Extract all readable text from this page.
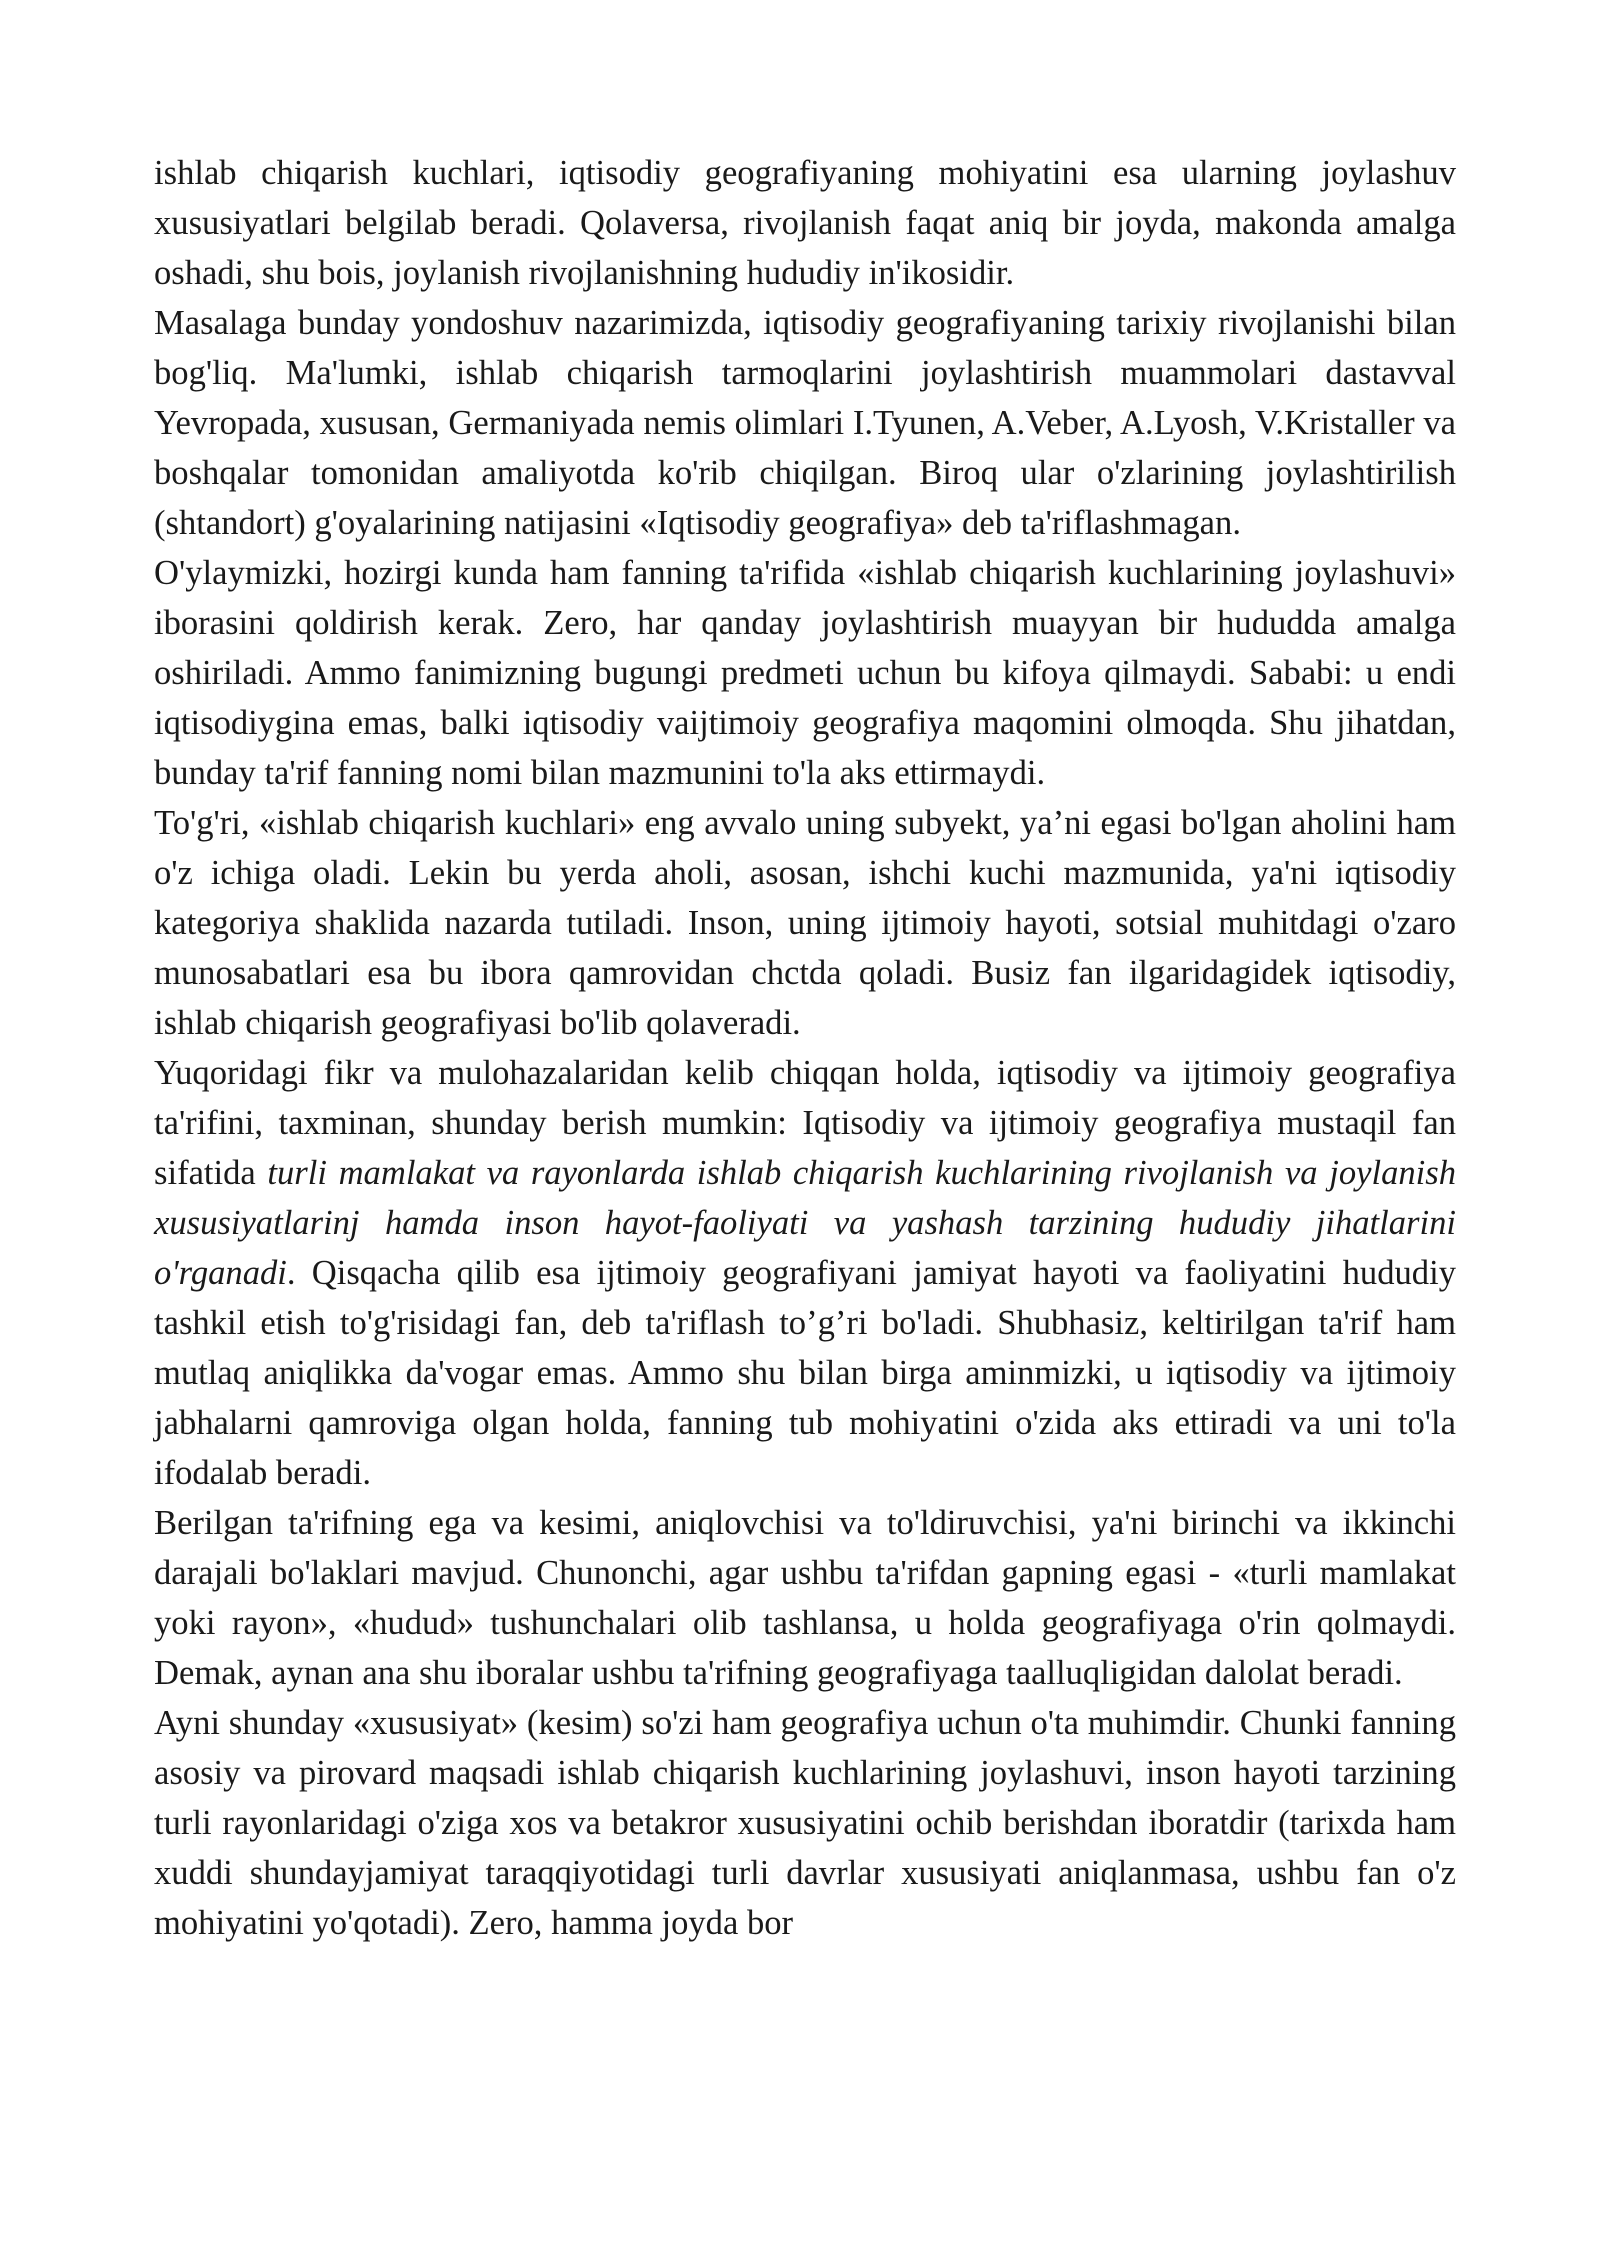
ishlab chiqarish kuchlari, iqtisodiy geografiyaning mohiyatini esa ularning joylashuv xususiyatlari belgilab beradi. Qolaversa, rivojlanish faqat aniq bir joyda, makonda amalga oshadi, shu bois, joylanish rivojlanishning hududiy in'ikosidir.

Masalaga bunday yondoshuv nazarimizda, iqtisodiy geografiyaning tarixiy rivojlanishi bilan bog'liq. Ma'lumki, ishlab chiqarish tarmoqlarini joylashtirish muammolari dastavval Yevropada, xususan, Germaniyada nemis olimlari I.Tyunen, A.Veber, A.Lyosh, V.Kristaller va boshqalar tomonidan amaliyotda ko'rib chiqilgan. Biroq ular o'zlarining joylashtirilish (shtandort) g'oyalarining natijasini «Iqtisodiy geografiya» deb ta'riflashmagan.

O'ylaymizki, hozirgi kunda ham fanning ta'rifida «ishlab chiqarish kuchlarining joylashuvi» iborasini qoldirish kerak. Zero, har qanday joylashtirish muayyan bir hududda amalga oshiriladi. Ammo fanimizning bugungi predmeti uchun bu kifoya qilmaydi. Sababi: u endi iqtisodiygina emas, balki iqtisodiy vaijtimoiy geografiya maqomini olmoqda. Shu jihatdan, bunday ta'rif fanning nomi bilan mazmunini to'la aks ettirmaydi.

To'g'ri, «ishlab chiqarish kuchlari» eng avvalo uning subyekt, ya’ni egasi bo'lgan aholini ham o'z ichiga oladi. Lekin bu yerda aholi, asosan, ishchi kuchi mazmunida, ya'ni iqtisodiy kategoriya shaklida nazarda tutiladi. Inson, uning ijtimoiy hayoti, sotsial muhitdagi o'zaro munosabatlari esa bu ibora qamrovidan chctda qoladi. Busiz fan ilgaridagidek iqtisodiy, ishlab chiqarish geografiyasi bo'lib qolaveradi.

Yuqoridagi fikr va mulohazalaridan kelib chiqqan holda, iqtisodiy va ijtimoiy geografiya ta'rifini, taxminan, shunday berish mumkin: Iqtisodiy va ijtimoiy geografiya mustaqil fan sifatida turli mamlakat va rayonlarda ishlab chiqarish kuchlarining rivojlanish va joylanish xususiyatlarinj hamda inson hayot-faoliyati va yashash tarzining hududiy jihatlarini o'rganadi. Qisqacha qilib esa ijtimoiy geografiyani jamiyat hayoti va faoliyatini hududiy tashkil etish to'g'risidagi fan, deb ta'riflash to’g’ri bo'ladi. Shubhasiz, keltirilgan ta'rif ham mutlaq aniqlikka da'vogar emas. Ammo shu bilan birga aminmizki, u iqtisodiy va ijtimoiy jabhalarni qamroviga olgan holda, fanning tub mohiyatini o'zida aks ettiradi va uni to'la ifodalab beradi.

Berilgan ta'rifning ega va kesimi, aniqlovchisi va to'ldiruvchisi, ya'ni birinchi va ikkinchi darajali bo'laklari mavjud. Chunonchi, agar ushbu ta'rifdan gapning egasi - «turli mamlakat yoki rayon», «hudud» tushunchalari olib tashlansa, u holda geografiyaga o'rin qolmaydi. Demak, aynan ana shu iboralar ushbu ta'rifning geografiyaga taalluqligidan dalolat beradi.

Ayni shunday «xususiyat» (kesim) so'zi ham geografiya uchun o'ta muhimdir. Chunki fanning asosiy va pirovard maqsadi ishlab chiqarish kuchlarining joylashuvi, inson hayoti tarzining turli rayonlaridagi o'ziga xos va betakror xususiyatini ochib berishdan iboratdir (tarixda ham xuddi shundayjamiyat taraqqiyotidagi turli davrlar xususiyati aniqlanmasa, ushbu fan o'z mohiyatini yo'qotadi). Zero, hamma joyda bor
